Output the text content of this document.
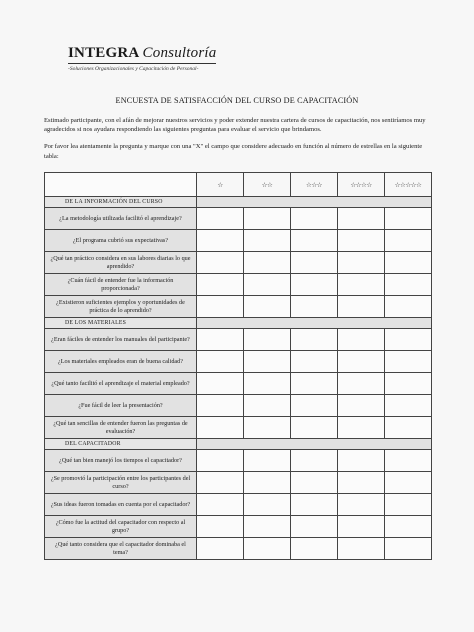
INTEGRA Consultoría
-Soluciones Organizacionales y Capacitación de Personal-
ENCUESTA DE SATISFACCIÓN DEL CURSO DE CAPACITACIÓN

Estimado participante, con el afán de mejorar nuestros servicios y poder extender nuestra cartera de cursos de capacitación, nos sentiríamos muy agradecidos si nos ayudara respondiendo las siguientes preguntas para evaluar el servicio que brindamos.

Por favor lea atentamente la pregunta y marque con una "X" el campo que considere adecuado en función al número de estrellas en la siguiente tabla:

	☆	☆☆	☆☆☆	☆☆☆☆	☆☆☆☆☆
DE LA INFORMACIÓN DEL CURSO					
¿La metodología utilizada facilitó el aprendizaje?					
¿El programa cubrió sus expectativas?					
¿Qué tan práctico considera en sus labores diarias lo que aprendido?					
¿Cuán fácil de entender fue la información proporcionada?					
¿Existieron suficientes ejemplos y oportunidades de práctica de lo aprendido?					
DE LOS MATERIALES					
¿Eran fáciles de entender los manuales del participante?					
¿Los materiales empleados eran de buena calidad?					
¿Qué tanto facilitó el aprendizaje el material empleado?					
¿Fue fácil de leer la presentación?					
¿Qué tan sencillas de entender fueron las preguntas de evaluación?					
DEL CAPACITADOR					
¿Qué tan bien manejó los tiempos el capacitador?					
¿Se promovió la participación entre los participantes del curso?					
¿Sus ideas fueron tomadas en cuenta por el capacitador?					
¿Cómo fue la actitud del capacitador con respecto al grupo?					
¿Qué tanto considera que el capacitador dominaba el tema?					
